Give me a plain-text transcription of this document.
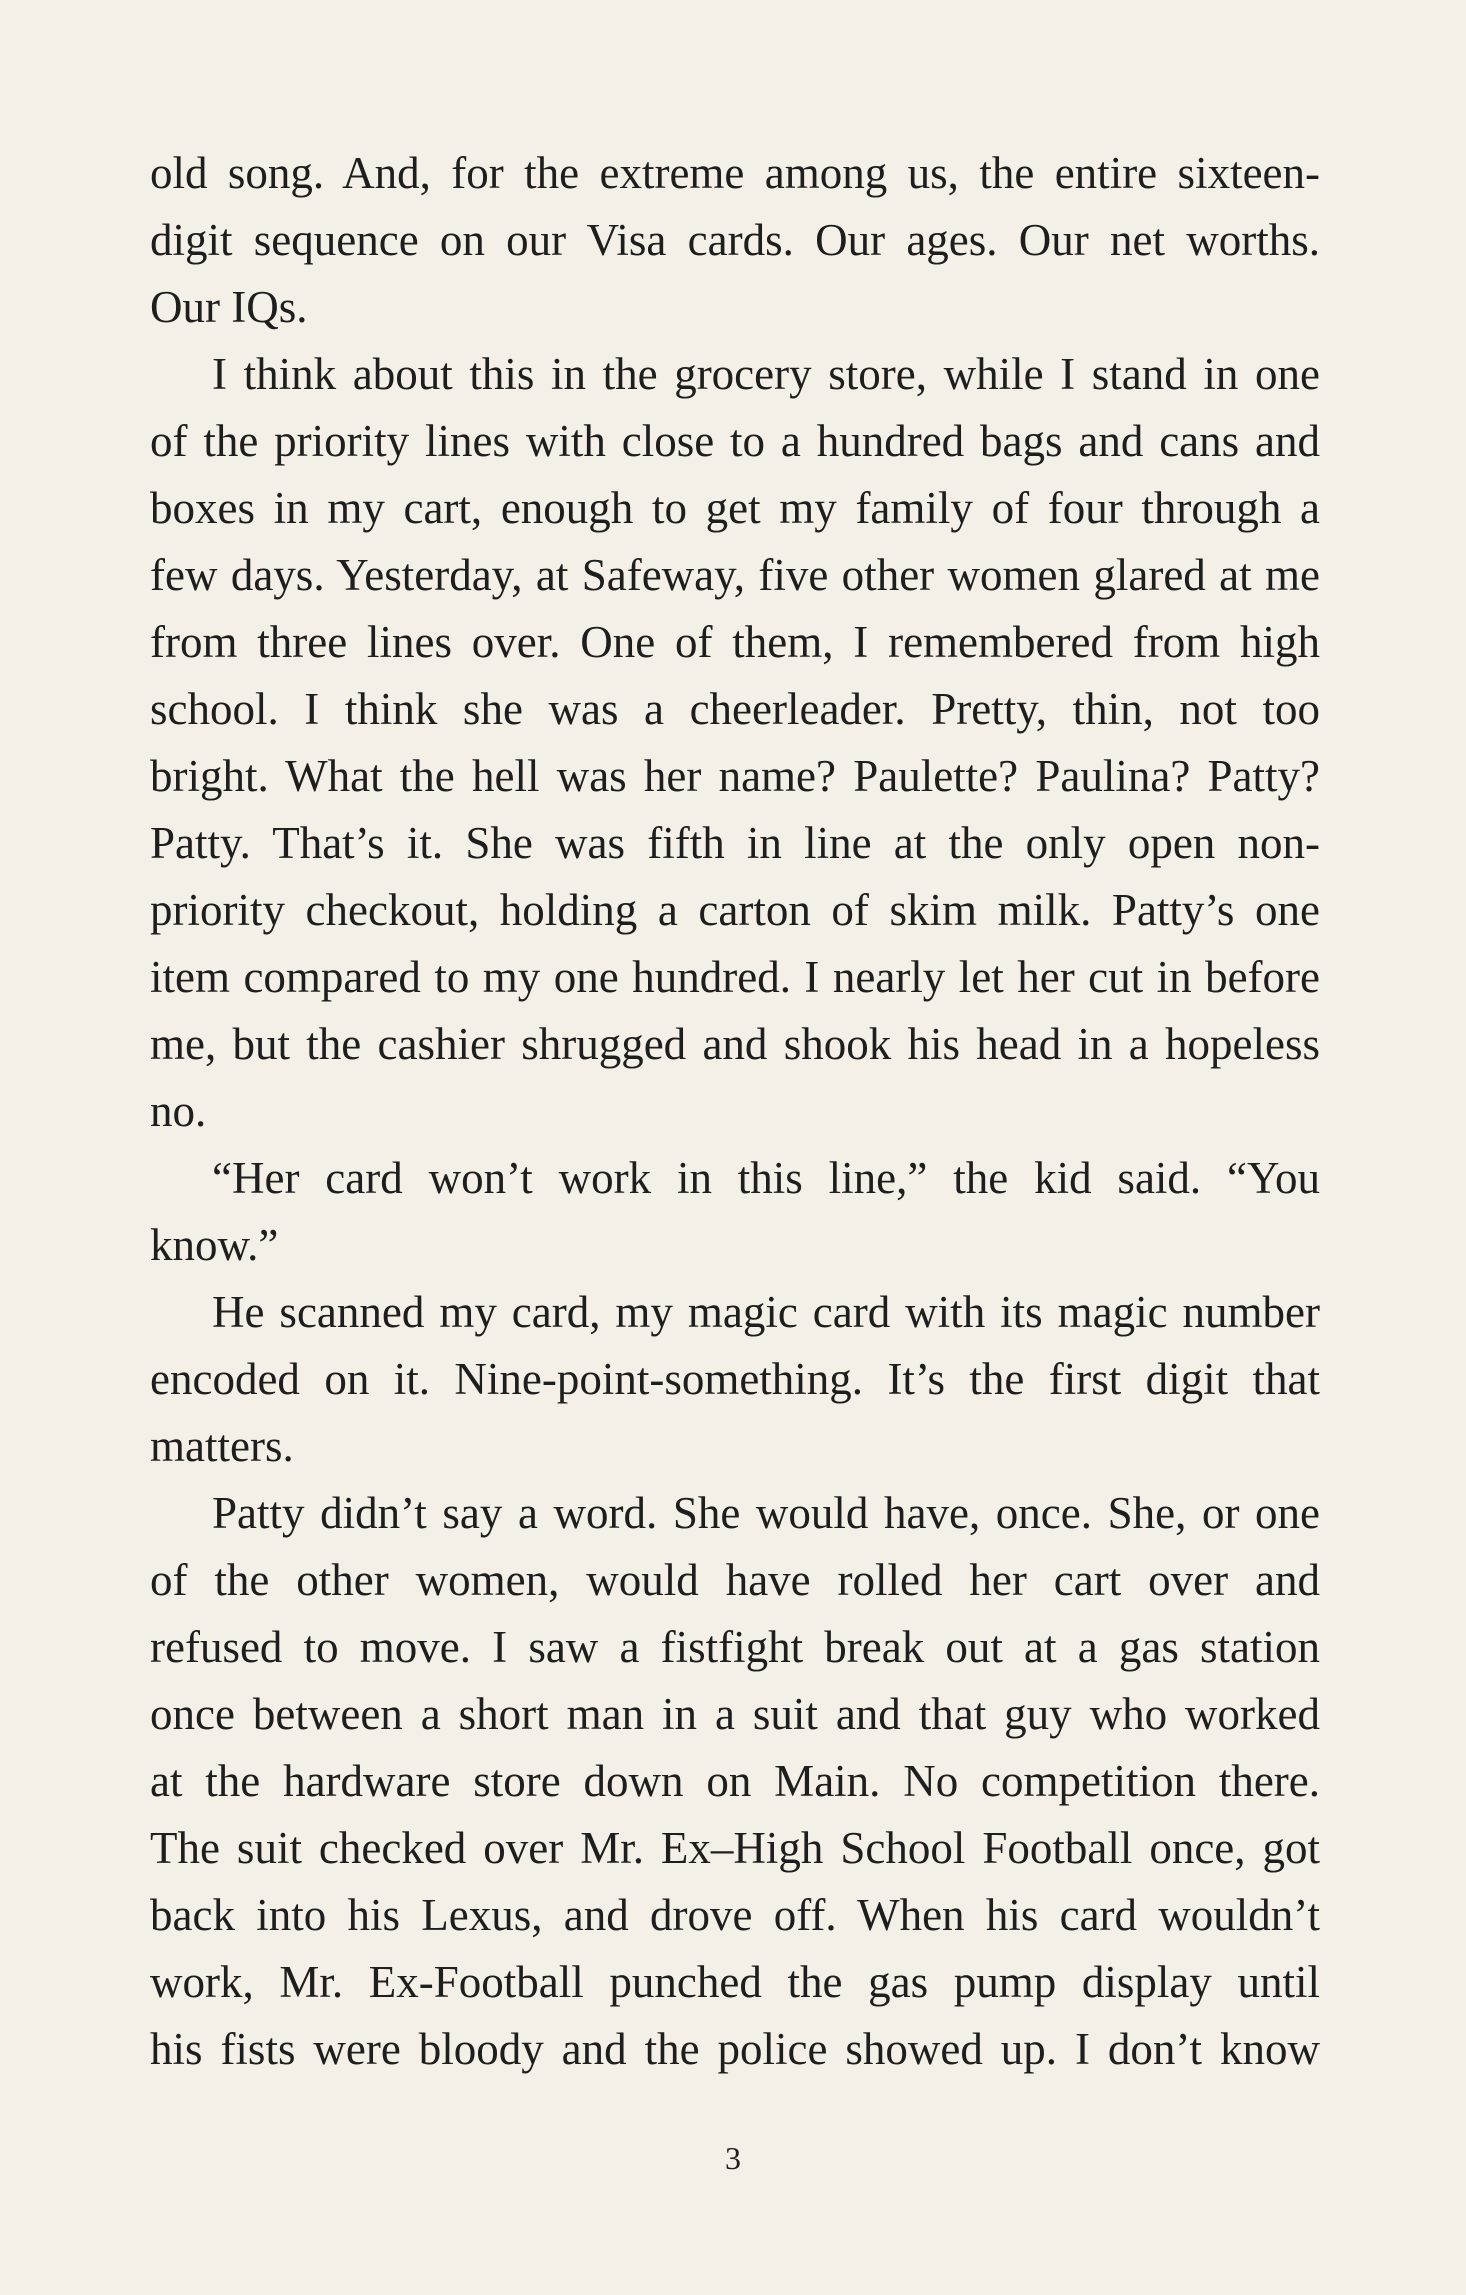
old song. And, for the extreme among us, the entire sixteen-
digit sequence on our Visa cards. Our ages. Our net worths.
Our IQs.
I think about this in the grocery store, while I stand in one
of the priority lines with close to a hundred bags and cans and
boxes in my cart, enough to get my family of four through a
few days. Yesterday, at Safeway, five other women glared at me
from three lines over. One of them, I remembered from high
school. I think she was a cheerleader. Pretty, thin, not too
bright. What the hell was her name? Paulette? Paulina? Patty?
Patty. That’s it. She was fifth in line at the only open non-
priority checkout, holding a carton of skim milk. Patty’s one
item compared to my one hundred. I nearly let her cut in before
me, but the cashier shrugged and shook his head in a hopeless
no.
“Her card won’t work in this line,” the kid said. “You
know.”
He scanned my card, my magic card with its magic number
encoded on it. Nine-point-something. It’s the first digit that
matters.
Patty didn’t say a word. She would have, once. She, or one
of the other women, would have rolled her cart over and
refused to move. I saw a fistfight break out at a gas station
once between a short man in a suit and that guy who worked
at the hardware store down on Main. No competition there.
The suit checked over Mr. Ex–High School Football once, got
back into his Lexus, and drove off. When his card wouldn’t
work, Mr. Ex-Football punched the gas pump display until
his fists were bloody and the police showed up. I don’t know
3
